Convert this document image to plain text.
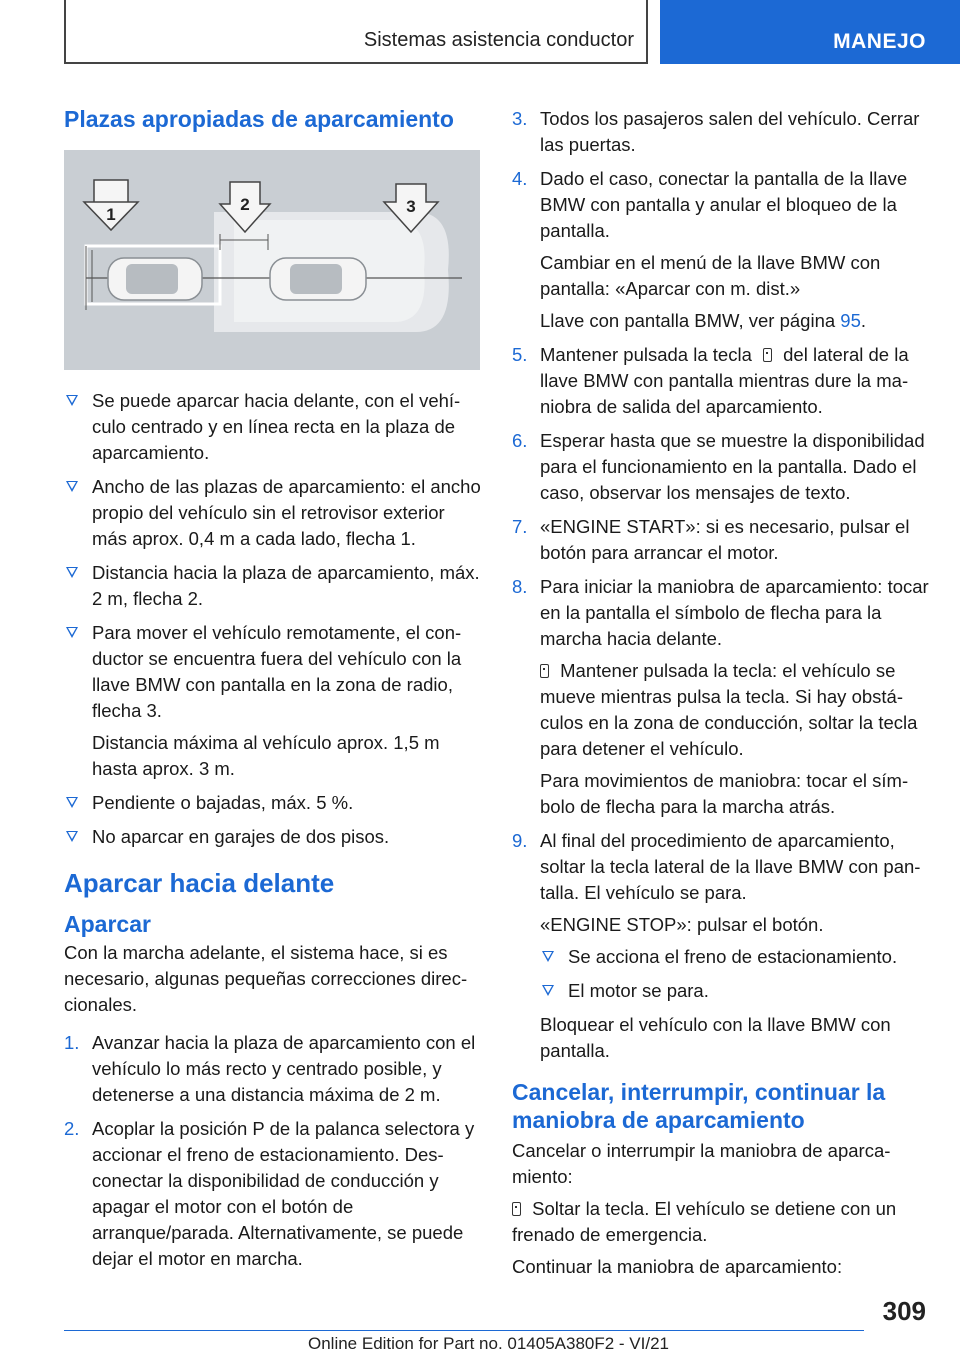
Sistemas asistencia conductor	MANEJO
Plazas apropiadas de aparcamiento
1
2	3
Se puede aparcar hacia delante, con el vehículo centrado y en línea recta en la plaza de aparcamiento.
Ancho de las plazas de aparcamiento: el ancho propio del vehículo sin el retrovisor exterior más aprox. 0,4 m a cada lado, flecha 1.
Distancia hacia la plaza de aparcamiento, máx. 2 m, flecha 2.
Para mover el vehículo remotamente, el conductor se encuentra fuera del vehículo con la llave BMW con pantalla en la zona de radio, flecha 3.
Distancia máxima al vehículo aprox. 1,5 m hasta aprox. 3 m.
Pendiente o bajadas, máx. 5 %.
No aparcar en garajes de dos pisos.
Aparcar hacia delante
Aparcar

Con la marcha adelante, el sistema hace, si es necesario, algunas pequeñas correcciones direccionales.

1. Avanzar hacia la plaza de aparcamiento con el vehículo lo más recto y centrado posible, y detenerse a una distancia máxima de 2 m.
2. Acoplar la posición P de la palanca selectora y accionar el freno de estacionamiento. Desconectar la disponibilidad de conducción y apagar el motor con el botón de arranque/parada. Alternativamente, se puede dejar el motor en marcha.
3. Todos los pasajeros salen del vehículo. Cerrar las puertas.
4. Dado el caso, conectar la pantalla de la llave BMW con pantalla y anular el bloqueo de la pantalla.

Cambiar en el menú de la llave BMW con pantalla: «Aparcar con m. dist.»

Llave con pantalla BMW, ver página 95.

5. Mantener pulsada la tecla  del lateral de la llave BMW con pantalla mientras dure la maniobra de salida del aparcamiento.
6. Esperar hasta que se muestre la disponibilidad para el funcionamiento en la pantalla. Dado el caso, observar los mensajes de texto.
7. «ENGINE START»: si es necesario, pulsar el botón para arrancar el motor.
8. Para iniciar la maniobra de aparcamiento: tocar en la pantalla el símbolo de flecha para la marcha hacia delante.

Mantener pulsada la tecla: el vehículo se mueve mientras pulsa la tecla. Si hay obstáculos en la zona de conducción, soltar la tecla para detener el vehículo.

Para movimientos de maniobra: tocar el símbolo de flecha para la marcha atrás.

9. Al final del procedimiento de aparcamiento, soltar la tecla lateral de la llave BMW con pantalla. El vehículo se para.

«ENGINE STOP»: pulsar el botón.

Se acciona el freno de estacionamiento.
El motor se para.

Bloquear el vehículo con la llave BMW con pantalla.

Cancelar, interrumpir, continuar la maniobra de aparcamiento

Cancelar o interrumpir la maniobra de aparcamiento:

Soltar la tecla. El vehículo se detiene con un frenado de emergencia.

Continuar la maniobra de aparcamiento:

309
Online Edition for Part no. 01405A380F2 - VI/21
